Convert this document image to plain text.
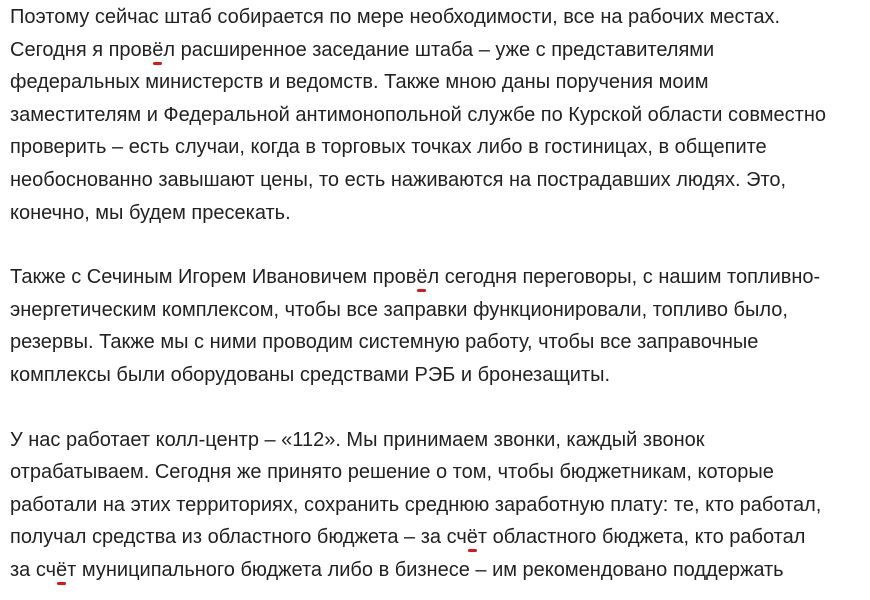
Поэтому сейчас штаб собирается по мере необходимости, все на рабочих местах.
Сегодня я провёл расширенное заседание штаба – уже с представителями
федеральных министерств и ведомств. Также мною даны поручения моим
заместителям и Федеральной антимонопольной службе по Курской области совместно
проверить – есть случаи, когда в торговых точках либо в гостиницах, в общепите
необоснованно завышают цены, то есть наживаются на пострадавших людях. Это,
конечно, мы будем пресекать.
Также с Сечиным Игорем Ивановичем провёл сегодня переговоры, с нашим топливно-
энергетическим комплексом, чтобы все заправки функционировали, топливо было,
резервы. Также мы с ними проводим системную работу, чтобы все заправочные
комплексы были оборудованы средствами РЭБ и бронезащиты.
У нас работает колл-центр – «112». Мы принимаем звонки, каждый звонок
отрабатываем. Сегодня же принято решение о том, чтобы бюджетникам, которые
работали на этих территориях, сохранить среднюю заработную плату: те, кто работал,
получал средства из областного бюджета – за счёт областного бюджета, кто работал
за счёт муниципального бюджета либо в бизнесе – им рекомендовано поддержать
